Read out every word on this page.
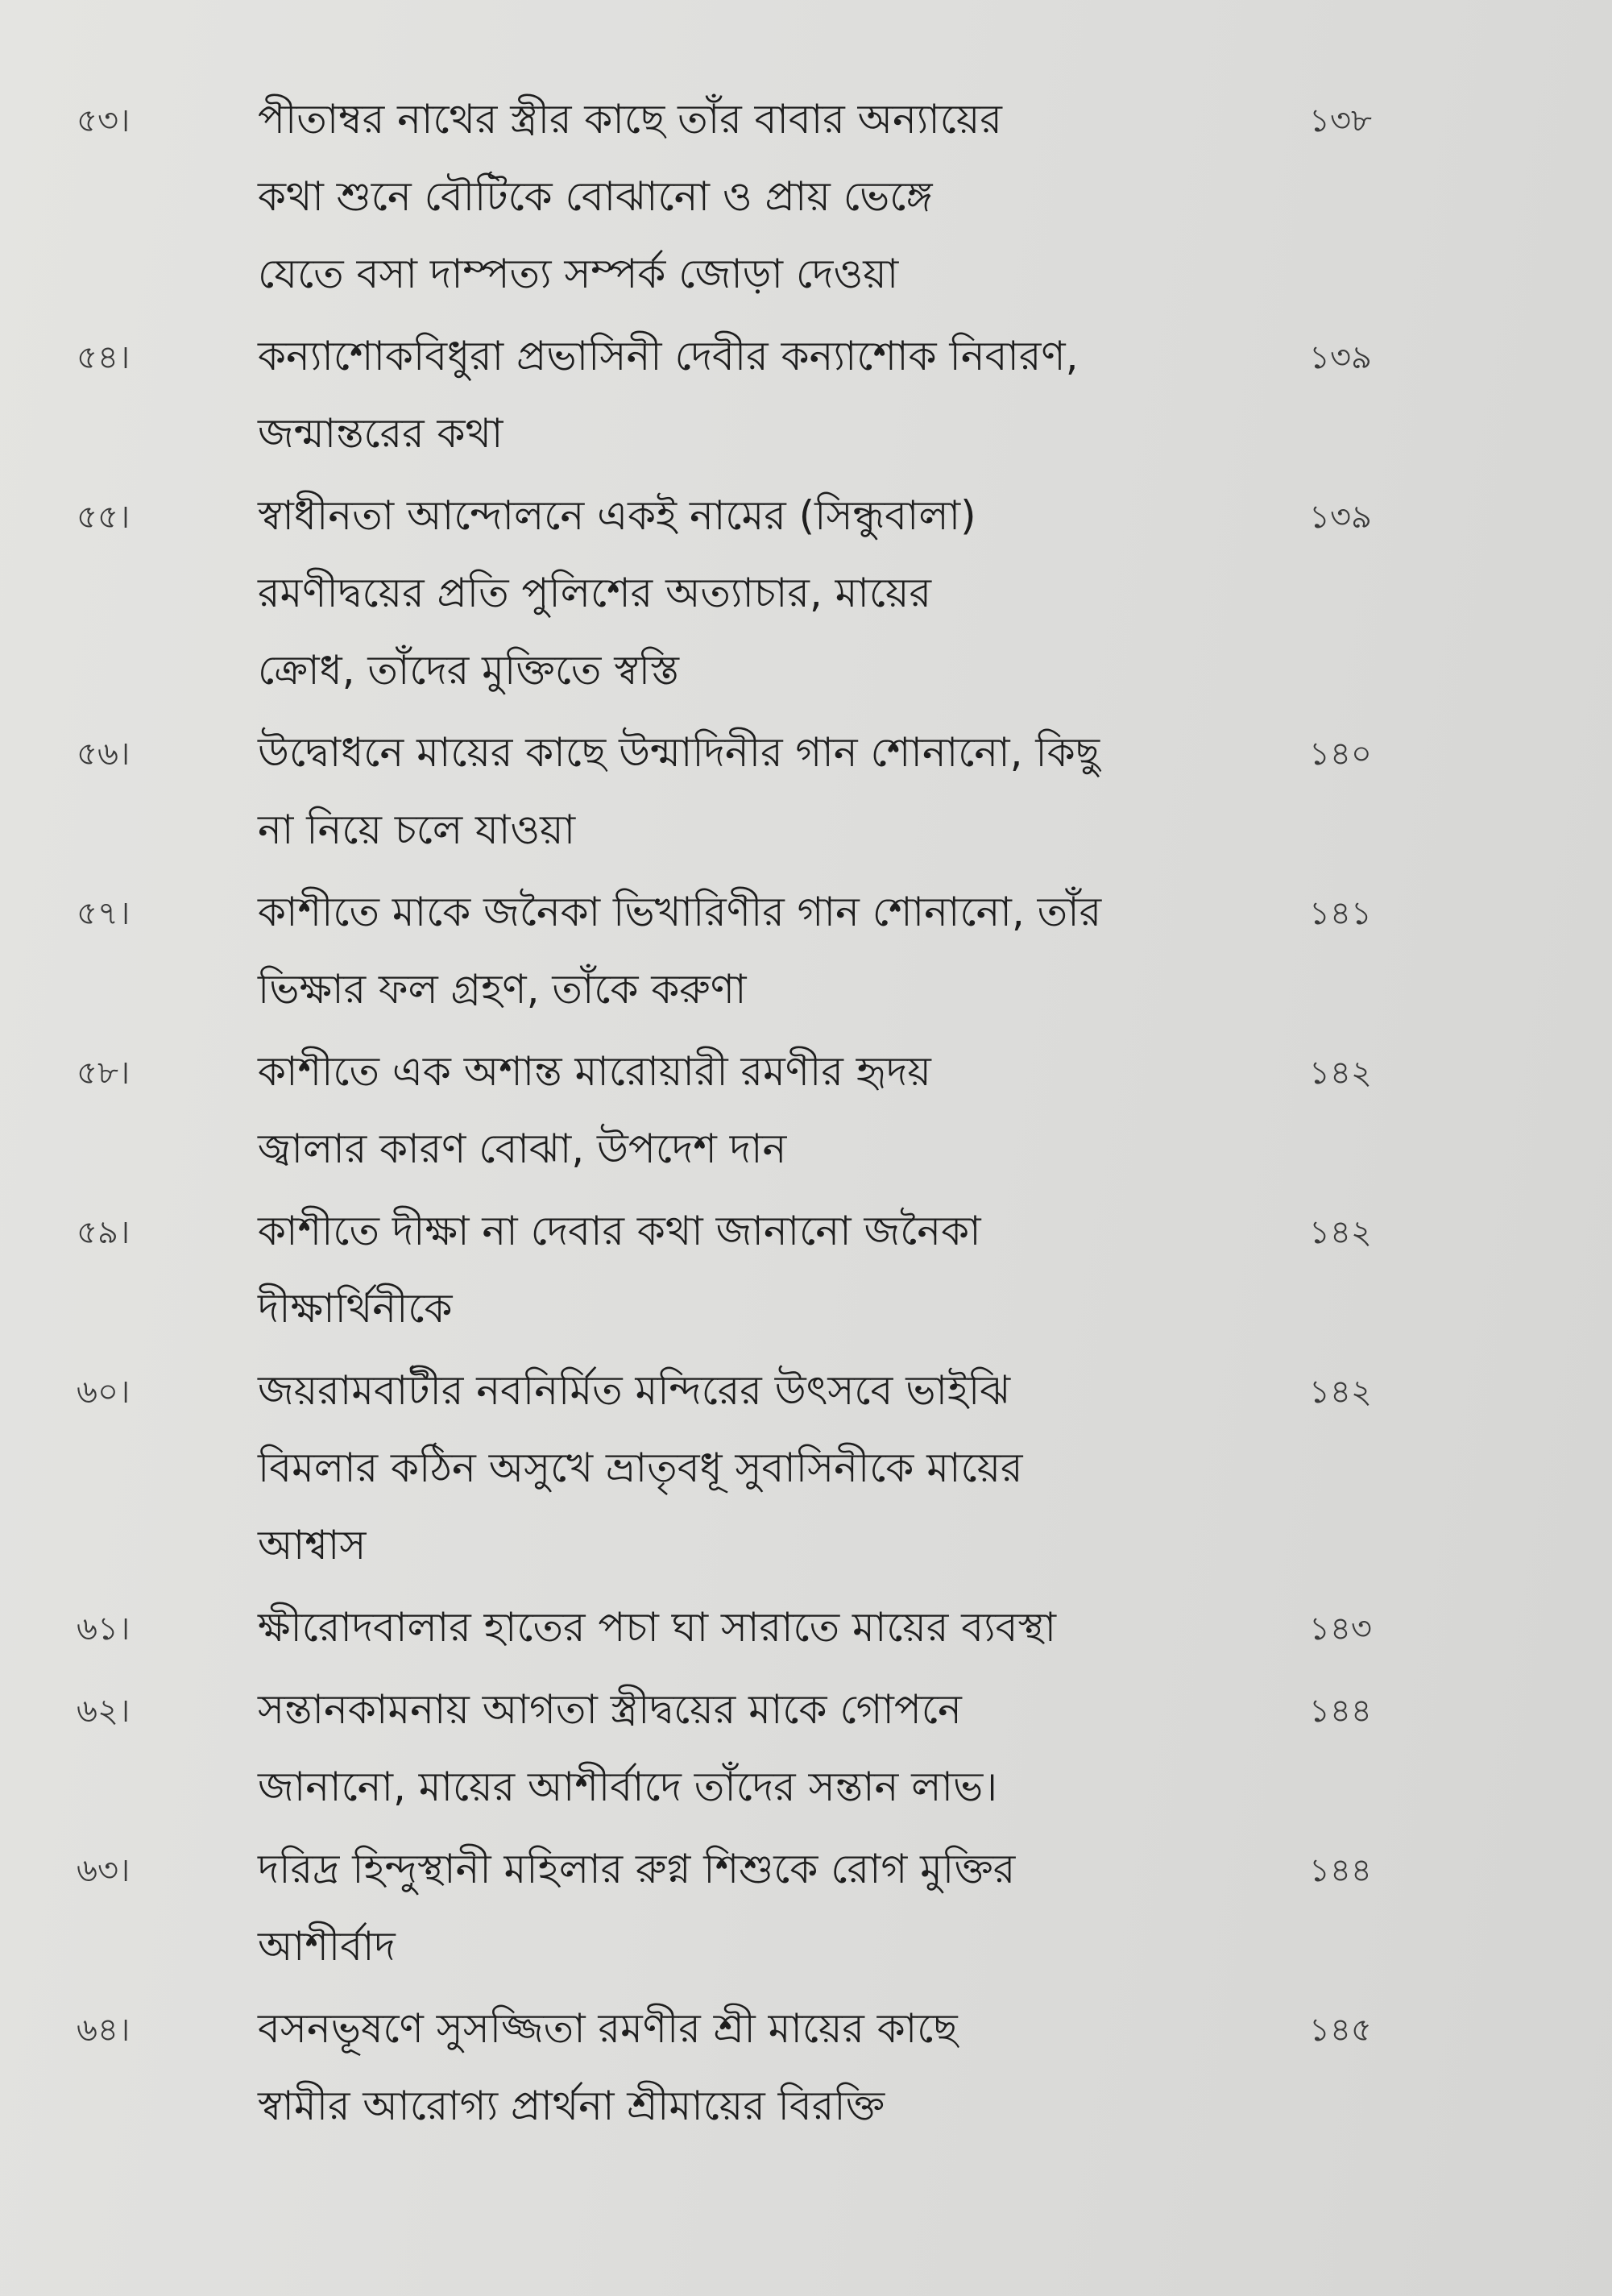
৫৩।	পীতাম্বর নাথের স্ত্রীর কাছে তাঁর বাবার অন্যায়ের
কথা শুনে বৌটিকে বোঝানো ও প্রায় ভেঙ্গে
যেতে বসা দাম্পত্য সম্পর্ক জোড়া দেওয়া
১৩৮
৫৪।	কন্যাশোকবিধুরা প্রভাসিনী দেবীর কন্যাশোক নিবারণ,
জন্মান্তরের কথা
১৩৯
৫৫।	স্বাধীনতা আন্দোলনে একই নামের (সিন্ধুবালা)
রমণীদ্বয়ের প্রতি পুলিশের অত্যাচার, মায়ের
ক্রোধ, তাঁদের মুক্তিতে স্বস্তি
১৩৯
৫৬।	উদ্বোধনে মায়ের কাছে উন্মাদিনীর গান শোনানো, কিছু
না নিয়ে চলে যাওয়া
১৪০
৫৭।	কাশীতে মাকে জনৈকা ভিখারিণীর গান শোনানো, তাঁর
ভিক্ষার ফল গ্রহণ, তাঁকে করুণা
১৪১
৫৮।	কাশীতে এক অশান্ত মারোয়ারী রমণীর হৃদয়
জ্বালার কারণ বোঝা, উপদেশ দান
১৪২
৫৯।	কাশীতে দীক্ষা না দেবার কথা জানানো জনৈকা
দীক্ষার্থিনীকে
১৪২
৬০।	জয়রামবাটীর নবনির্মিত মন্দিরের উৎসবে ভাইঝি
বিমলার কঠিন অসুখে ভ্রাতৃবধূ সুবাসিনীকে মায়ের
আশ্বাস
১৪২
৬১।	ক্ষীরোদবালার হাতের পচা ঘা সারাতে মায়ের ব্যবস্থা	১৪৩
৬২।	সন্তানকামনায় আগতা স্ত্রীদ্বয়ের মাকে গোপনে
জানানো, মায়ের আশীর্বাদে তাঁদের সন্তান লাভ।
১৪৪
৬৩।	দরিদ্র হিন্দুস্থানী মহিলার রুগ্ন শিশুকে রোগ মুক্তির
আশীর্বাদ
১৪৪
৬৪।	বসনভূষণে সুসজ্জিতা রমণীর শ্রী মায়ের কাছে
স্বামীর আরোগ্য প্রার্থনা শ্রীমায়ের বিরক্তি
১৪৫
